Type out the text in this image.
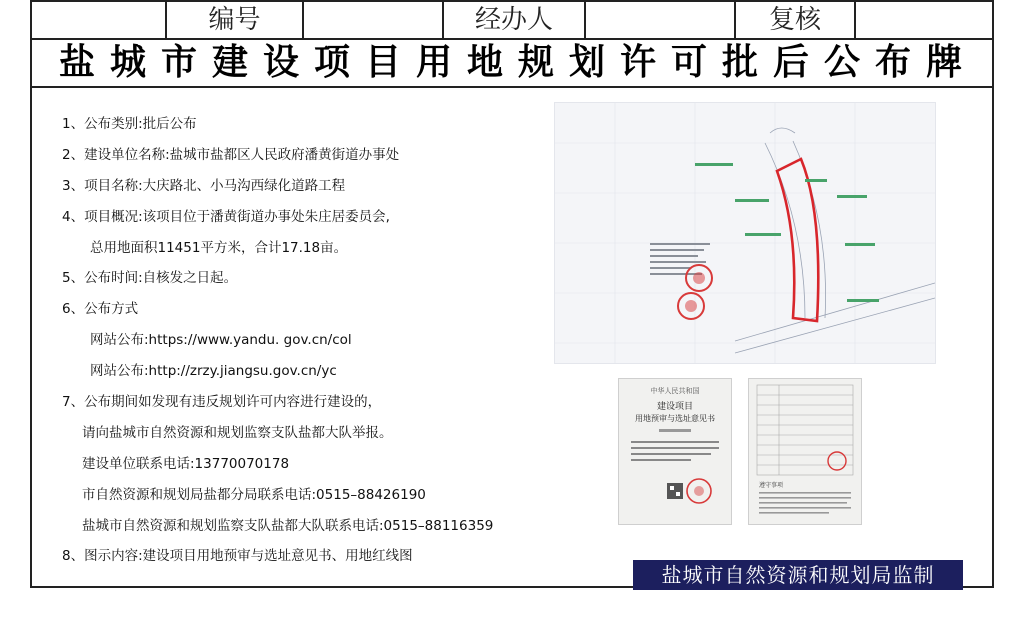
编号	经办人	复核
盐城市建设项目用地规划许可批后公布牌
1、公布类别:批后公布
2、建设单位名称:盐城市盐都区人民政府潘黄街道办事处
3、项目名称:大庆路北、小马沟西绿化道路工程
4、项目概况:该项目位于潘黄街道办事处朱庄居委员会,
总用地面积11451平方米，合计17.18亩。
5、公布时间:自核发之日起。
6、公布方式
网站公布:https://www.yandu. gov.cn/col
网站公布:http://zrzy.jiangsu.gov.cn/yc
7、公布期间如发现有违反规划许可内容进行建设的，
请向盐城市自然资源和规划监察支队盐都大队举报。
建设单位联系电话:13770070178
市自然资源和规划局盐都分局联系电话:0515–88426190
盐城市自然资源和规划监察支队盐都大队联系电话:0515–88116359
8、图示内容:建设项目用地预审与选址意见书、用地红线图
中华人民共和国
建设项目
用地预审与选址意见书
遵守事项
盐城市自然资源和规划局监制
